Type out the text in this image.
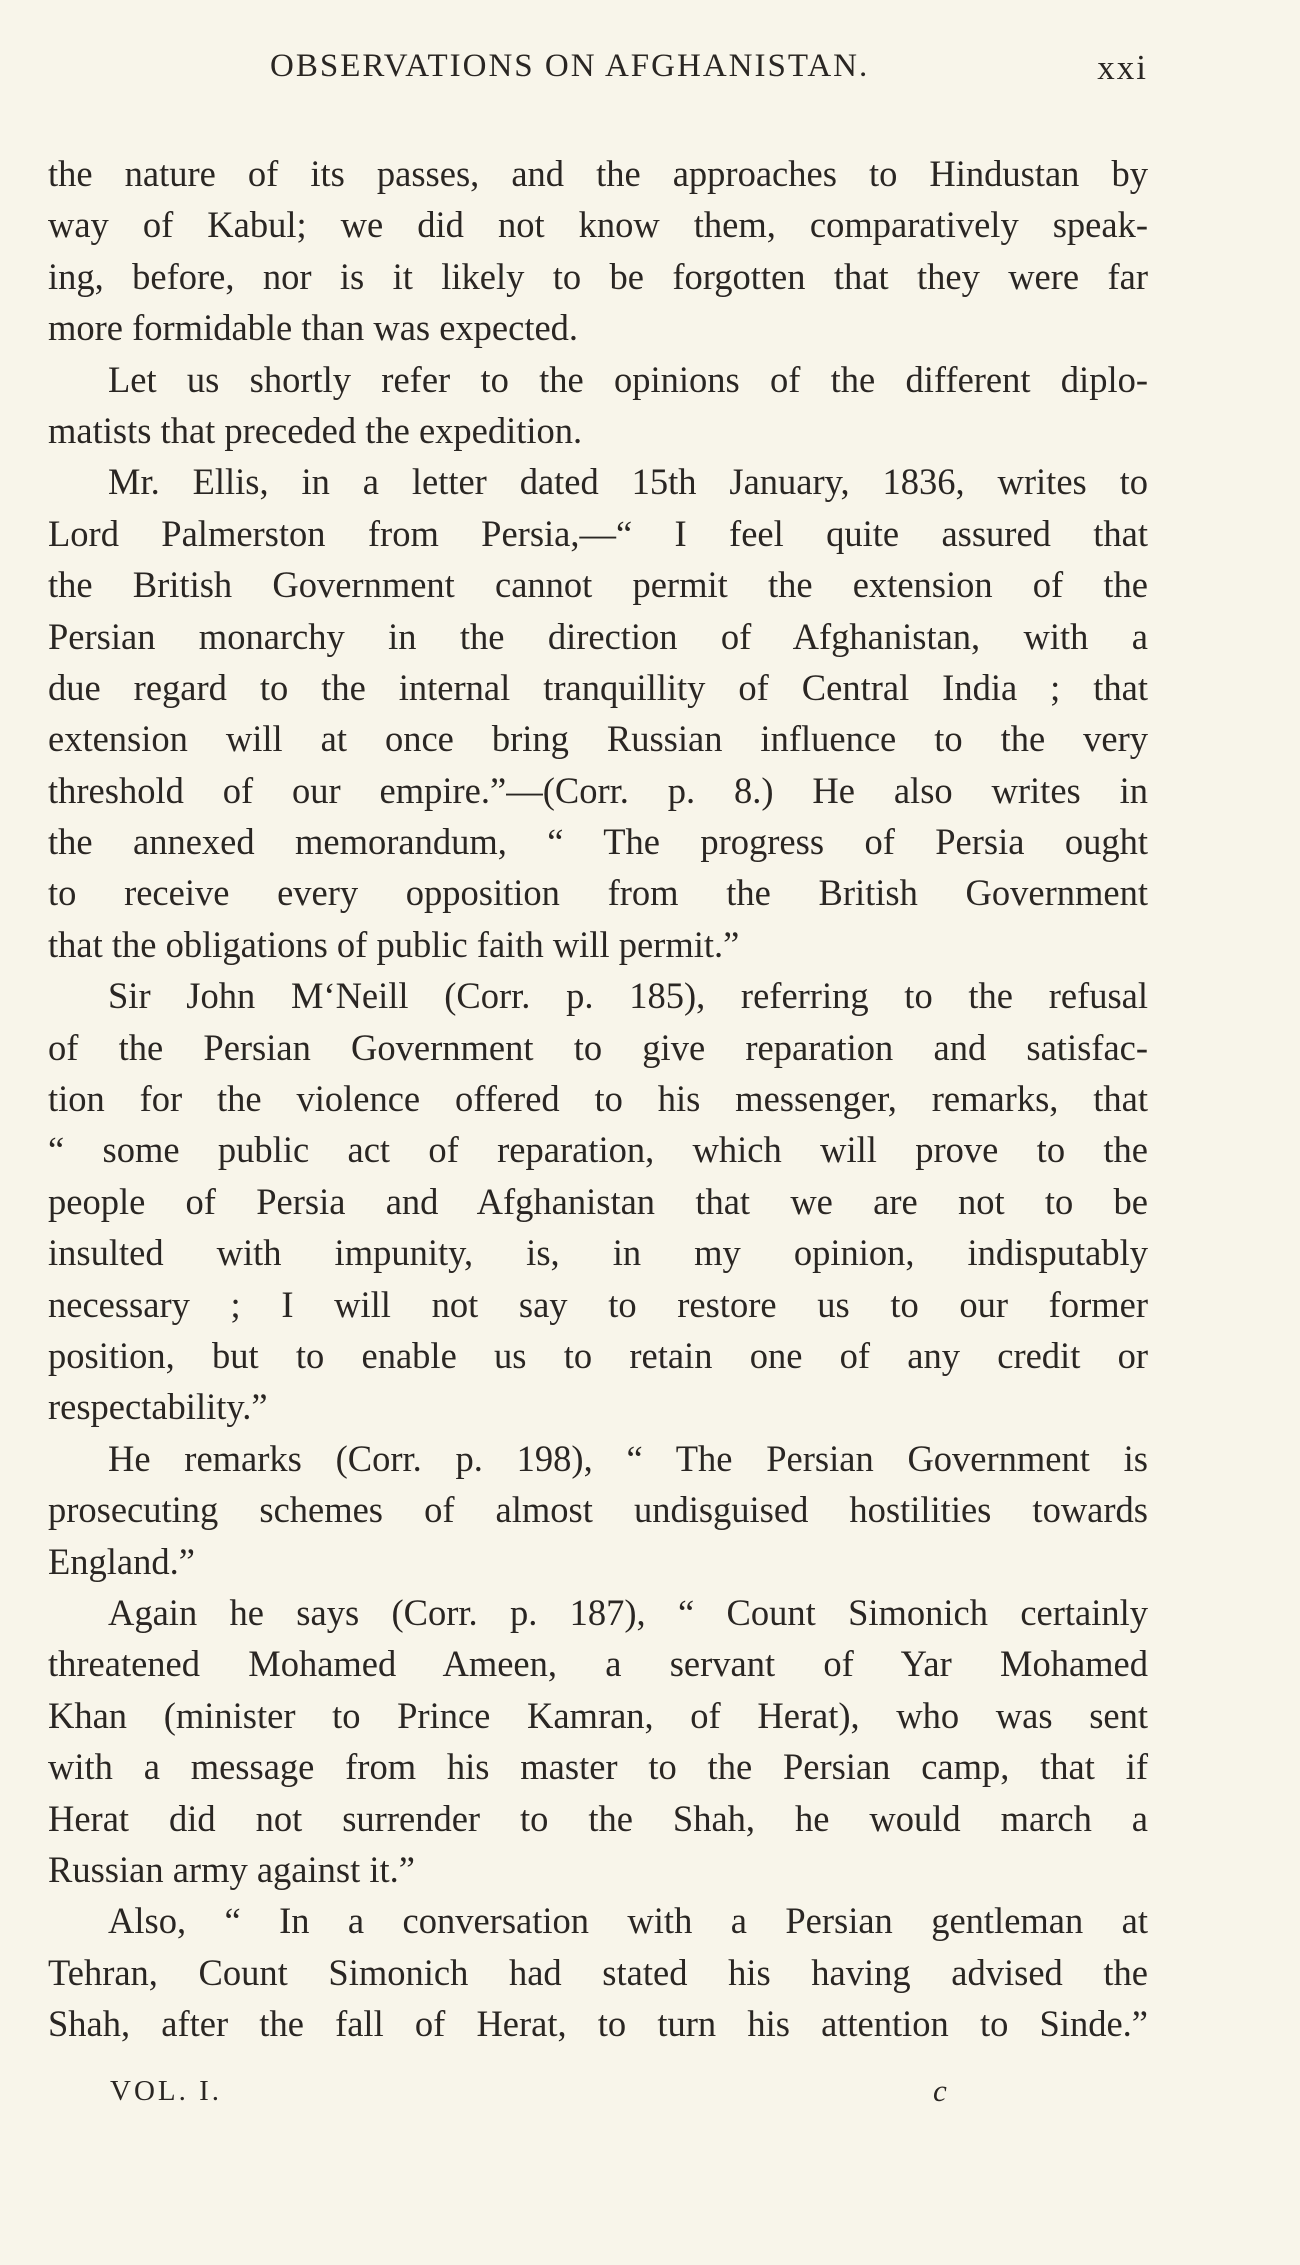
OBSERVATIONS ON AFGHANISTAN.	xxi
the nature of its passes, and the approaches to Hindustan by
way of Kabul; we did not know them, comparatively speak-
ing, before, nor is it likely to be forgotten that they were far
more formidable than was expected.
Let us shortly refer to the opinions of the different diplo-
matists that preceded the expedition.
Mr. Ellis, in a letter dated 15th January, 1836, writes to
Lord Palmerston from Persia,—“ I feel quite assured that
the British Government cannot permit the extension of the
Persian monarchy in the direction of Afghanistan, with a
due regard to the internal tranquillity of Central India ; that
extension will at once bring Russian influence to the very
threshold of our empire.”—(Corr. p. 8.) He also writes in
the annexed memorandum, “ The progress of Persia ought
to receive every opposition from the British Government
that the obligations of public faith will permit.”
Sir John M‘Neill (Corr. p. 185), referring to the refusal
of the Persian Government to give reparation and satisfac-
tion for the violence offered to his messenger, remarks, that
“ some public act of reparation, which will prove to the
people of Persia and Afghanistan that we are not to be
insulted with impunity, is, in my opinion, indisputably
necessary ; I will not say to restore us to our former
position, but to enable us to retain one of any credit or
respectability.”
He remarks (Corr. p. 198), “ The Persian Government is
prosecuting schemes of almost undisguised hostilities towards
England.”
Again he says (Corr. p. 187), “ Count Simonich certainly
threatened Mohamed Ameen, a servant of Yar Mohamed
Khan (minister to Prince Kamran, of Herat), who was sent
with a message from his master to the Persian camp, that if
Herat did not surrender to the Shah, he would march a
Russian army against it.”
Also, “ In a conversation with a Persian gentleman at
Tehran, Count Simonich had stated his having advised the
Shah, after the fall of Herat, to turn his attention to Sinde.”
VOL. I.	c
